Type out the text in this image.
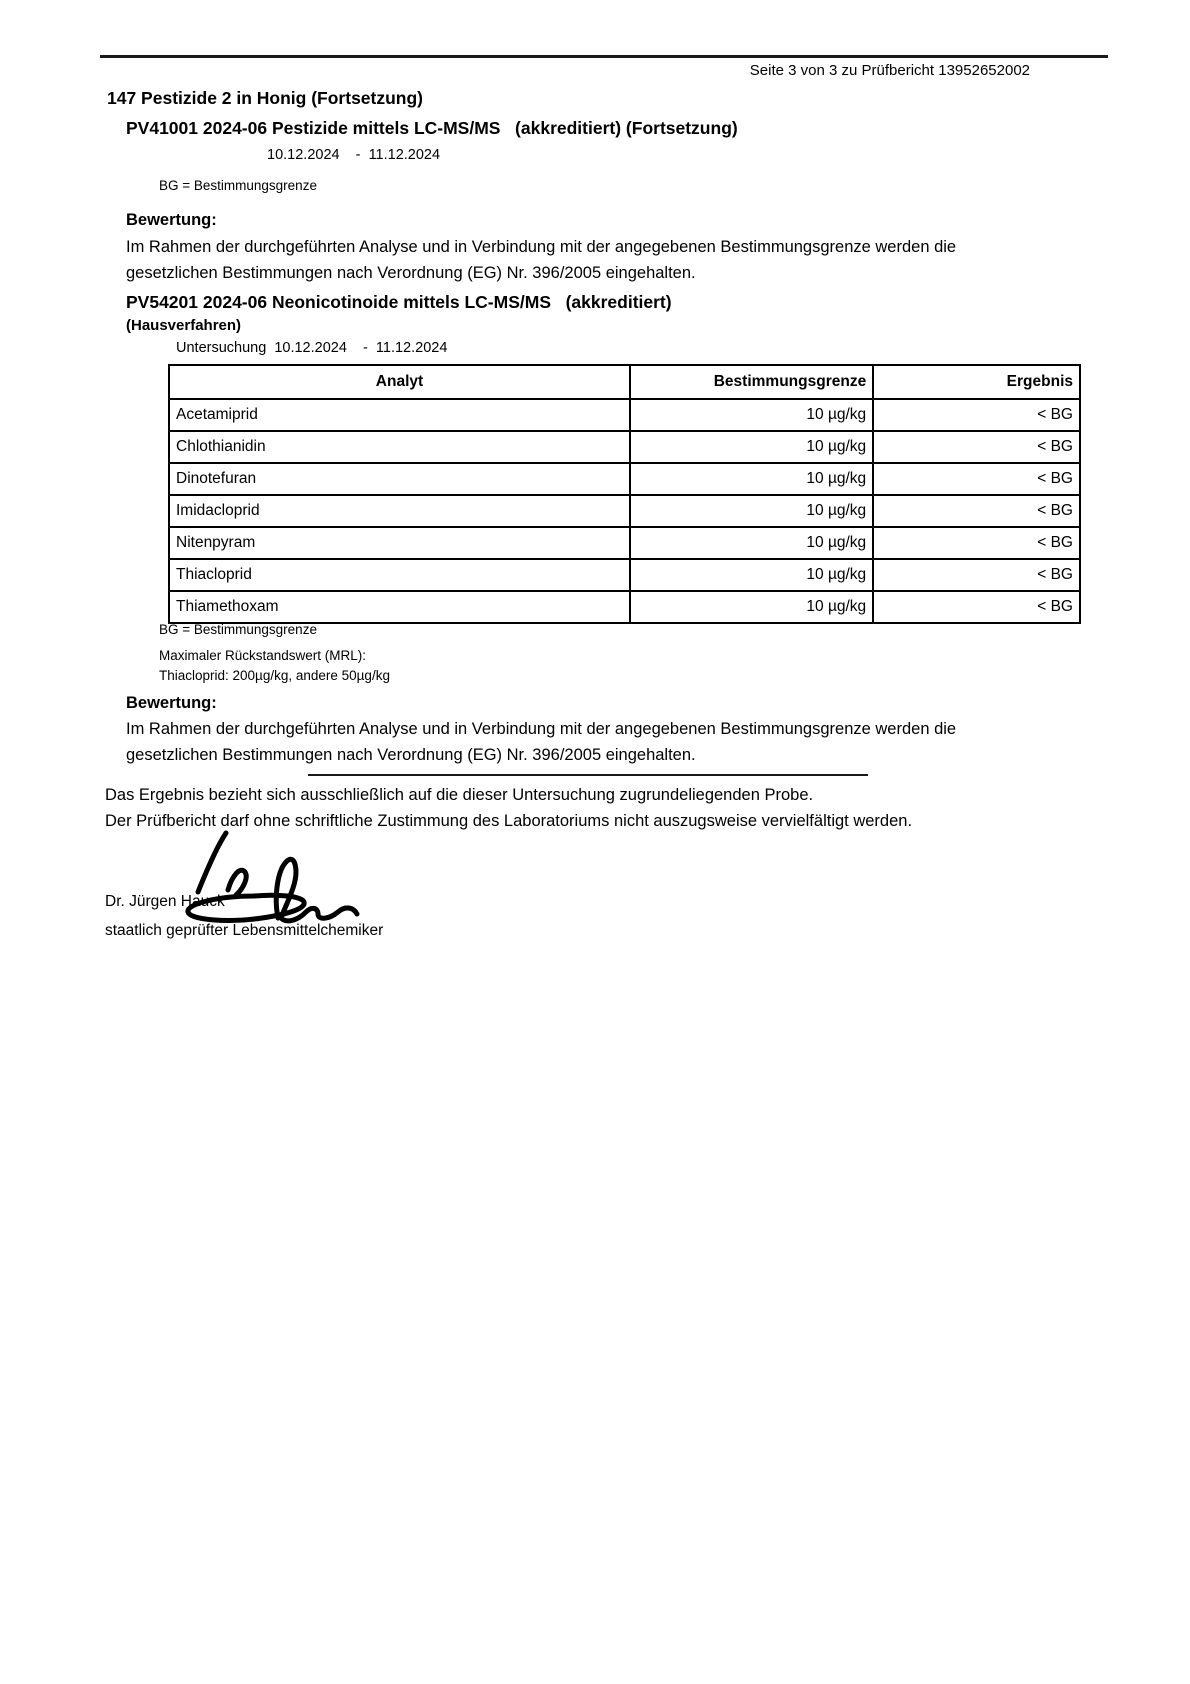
Seite 3 von 3 zu Prüfbericht 13952652002
147 Pestizide 2 in Honig (Fortsetzung)
PV41001 2024-06 Pestizide mittels LC-MS/MS   (akkreditiert) (Fortsetzung)
10.12.2024    -  11.12.2024
BG = Bestimmungsgrenze
Bewertung:
Im Rahmen der durchgeführten Analyse und in Verbindung mit der angegebenen Bestimmungsgrenze werden die
gesetzlichen Bestimmungen nach Verordnung (EG) Nr. 396/2005 eingehalten.
PV54201 2024-06 Neonicotinoide mittels LC-MS/MS   (akkreditiert)
(Hausverfahren)
Untersuchung  10.12.2024    -  11.12.2024
Analyt	Bestimmungsgrenze	Ergebnis
Acetamiprid	10 µg/kg	< BG
Chlothianidin	10 µg/kg	< BG
Dinotefuran	10 µg/kg	< BG
Imidacloprid	10 µg/kg	< BG
Nitenpyram	10 µg/kg	< BG
Thiacloprid	10 µg/kg	< BG
Thiamethoxam	10 µg/kg	< BG
BG = Bestimmungsgrenze
Maximaler Rückstandswert (MRL):
Thiacloprid: 200µg/kg, andere 50µg/kg
Bewertung:
Im Rahmen der durchgeführten Analyse und in Verbindung mit der angegebenen Bestimmungsgrenze werden die
gesetzlichen Bestimmungen nach Verordnung (EG) Nr. 396/2005 eingehalten.
Das Ergebnis bezieht sich ausschließlich auf die dieser Untersuchung zugrundeliegenden Probe.
Der Prüfbericht darf ohne schriftliche Zustimmung des Laboratoriums nicht auszugsweise vervielfältigt werden.
Dr. Jürgen Hauck
staatlich geprüfter Lebensmittelchemiker
